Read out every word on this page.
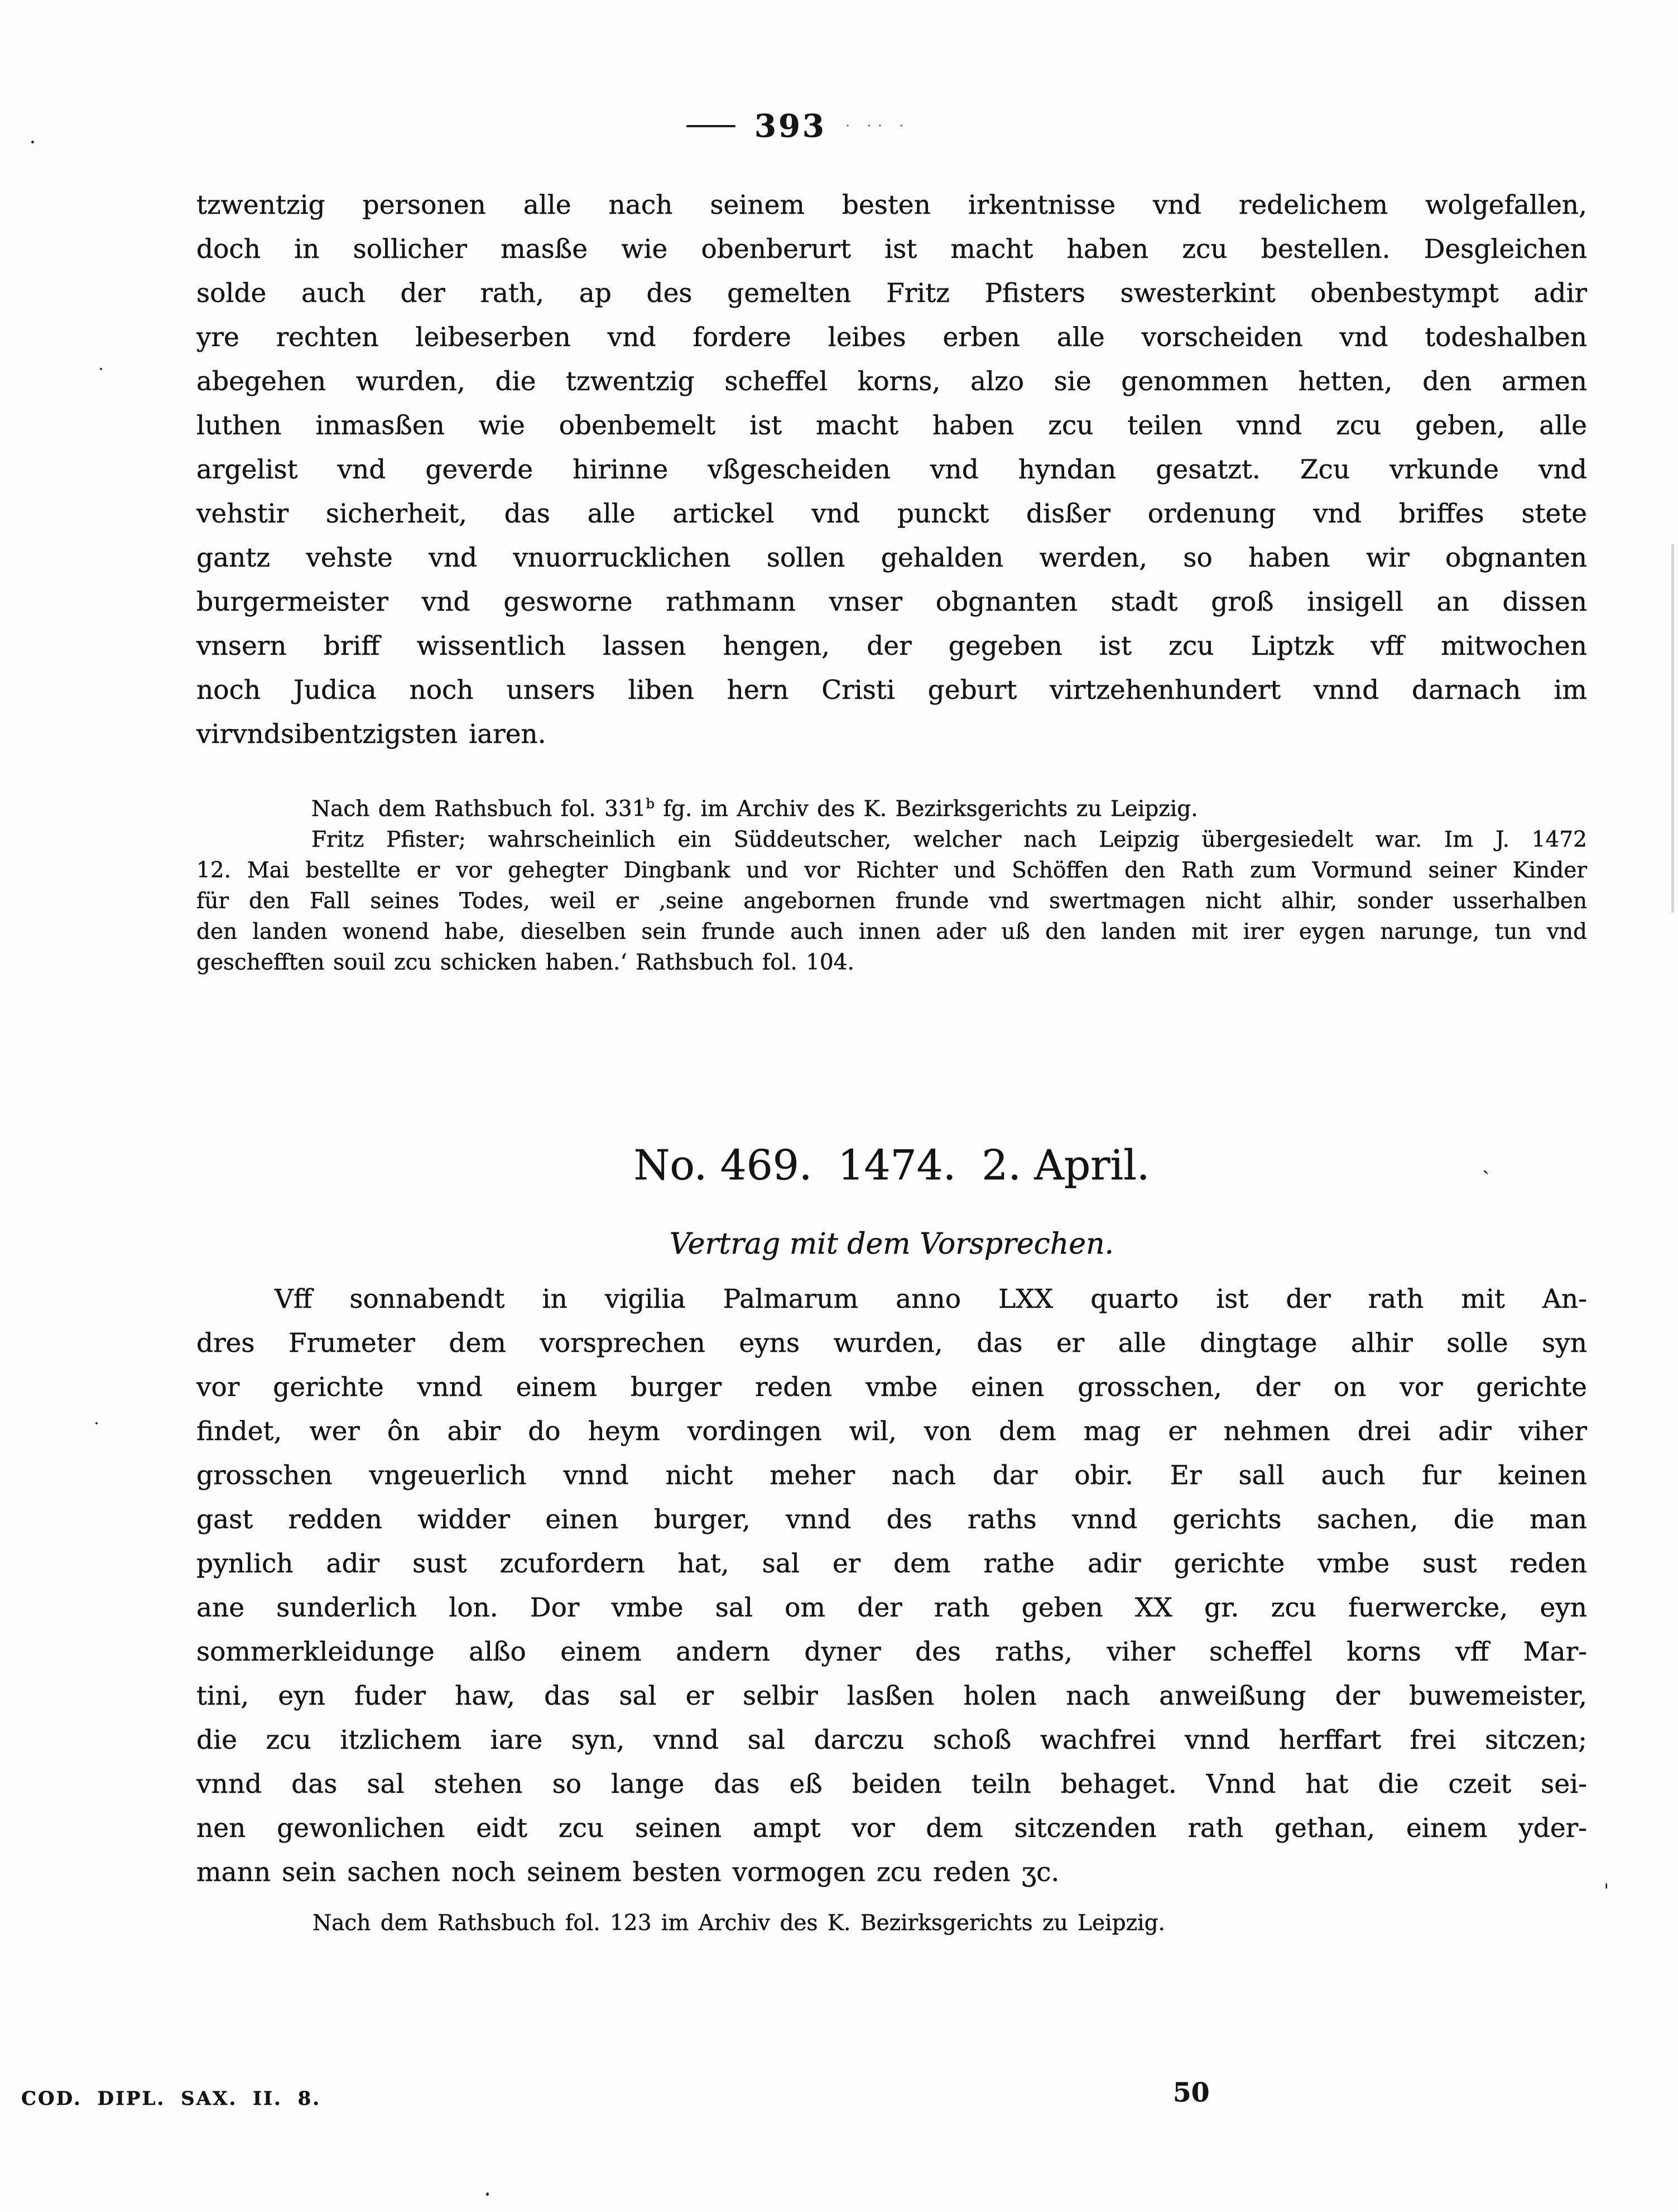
393 · ·· ·
tzwentzig personen alle nach seinem besten irkentnisse vnd redelichem wolgefallen,
doch in sollicher masße wie obenberurt ist macht haben zcu bestellen. Desgleichen
solde auch der rath, ap des gemelten Fritz Pfisters swesterkint obenbestympt adir
yre rechten leibeserben vnd fordere leibes erben alle vorscheiden vnd todeshalben
abegehen wurden, die tzwentzig scheffel korns, alzo sie genommen hetten, den armen
luthen inmasßen wie obenbemelt ist macht haben zcu teilen vnnd zcu geben, alle
argelist vnd geverde hirinne vßgescheiden vnd hyndan gesatzt. Zcu vrkunde vnd
vehstir sicherheit, das alle artickel vnd punckt disßer ordenung vnd briffes stete
gantz vehste vnd vnuorrucklichen sollen gehalden werden, so haben wir obgnanten
burgermeister vnd gesworne rathmann vnser obgnanten stadt groß insigell an dissen
vnsern briff wissentlich lassen hengen, der gegeben ist zcu Liptzk vff mitwochen
noch Judica noch unsers liben hern Cristi geburt virtzehenhundert vnnd darnach im
virvndsibentzigsten iaren.
Nach dem Rathsbuch fol. 331$^b$ fg. im Archiv des K. Bezirksgerichts zu Leipzig.
Fritz Pfister; wahrscheinlich ein Süddeutscher, welcher nach Leipzig übergesiedelt war. Im J. 1472
12. Mai bestellte er vor gehegter Dingbank und vor Richter und Schöffen den Rath zum Vormund seiner Kinder
für den Fall seines Todes, weil er ‚seine angebornen frunde vnd swertmagen nicht alhir, sonder usserhalben
den landen wonend habe, dieselben sein frunde auch innen ader uß den landen mit irer eygen narunge, tun vnd
geschefften souil zcu schicken haben.‘ Rathsbuch fol. 104.
No. 469. 1474. 2. April.
Vertrag mit dem Vorsprechen.
Vff sonnabendt in vigilia Palmarum anno LXX quarto ist der rath mit An-
dres Frumeter dem vorsprechen eyns wurden, das er alle dingtage alhir solle syn
vor gerichte vnnd einem burger reden vmbe einen grosschen, der on vor gerichte
findet, wer ôn abir do heym vordingen wil, von dem mag er nehmen drei adir viher
grosschen vngeuerlich vnnd nicht meher nach dar obir. Er sall auch fur keinen
gast redden widder einen burger, vnnd des raths vnnd gerichts sachen, die man
pynlich adir sust zcufordern hat, sal er dem rathe adir gerichte vmbe sust reden
ane sunderlich lon. Dor vmbe sal om der rath geben XX gr. zcu fuerwercke, eyn
sommerkleidunge alßo einem andern dyner des raths, viher scheffel korns vff Mar-
tini, eyn fuder haw, das sal er selbir lasßen holen nach anweißung der buwemeister,
die zcu itzlichem iare syn, vnnd sal darczu schoß wachfrei vnnd herffart frei sitczen;
vnnd das sal stehen so lange das eß beiden teiln behaget. Vnnd hat die czeit sei-
nen gewonlichen eidt zcu seinen ampt vor dem sitczenden rath gethan, einem yder-
mann sein sachen noch seinem besten vormogen zcu reden ʒc.
Nach dem Rathsbuch fol. 123 im Archiv des K. Bezirksgerichts zu Leipzig.
COD. DIPL. SAX. II. 8.	50
ˎ
'
